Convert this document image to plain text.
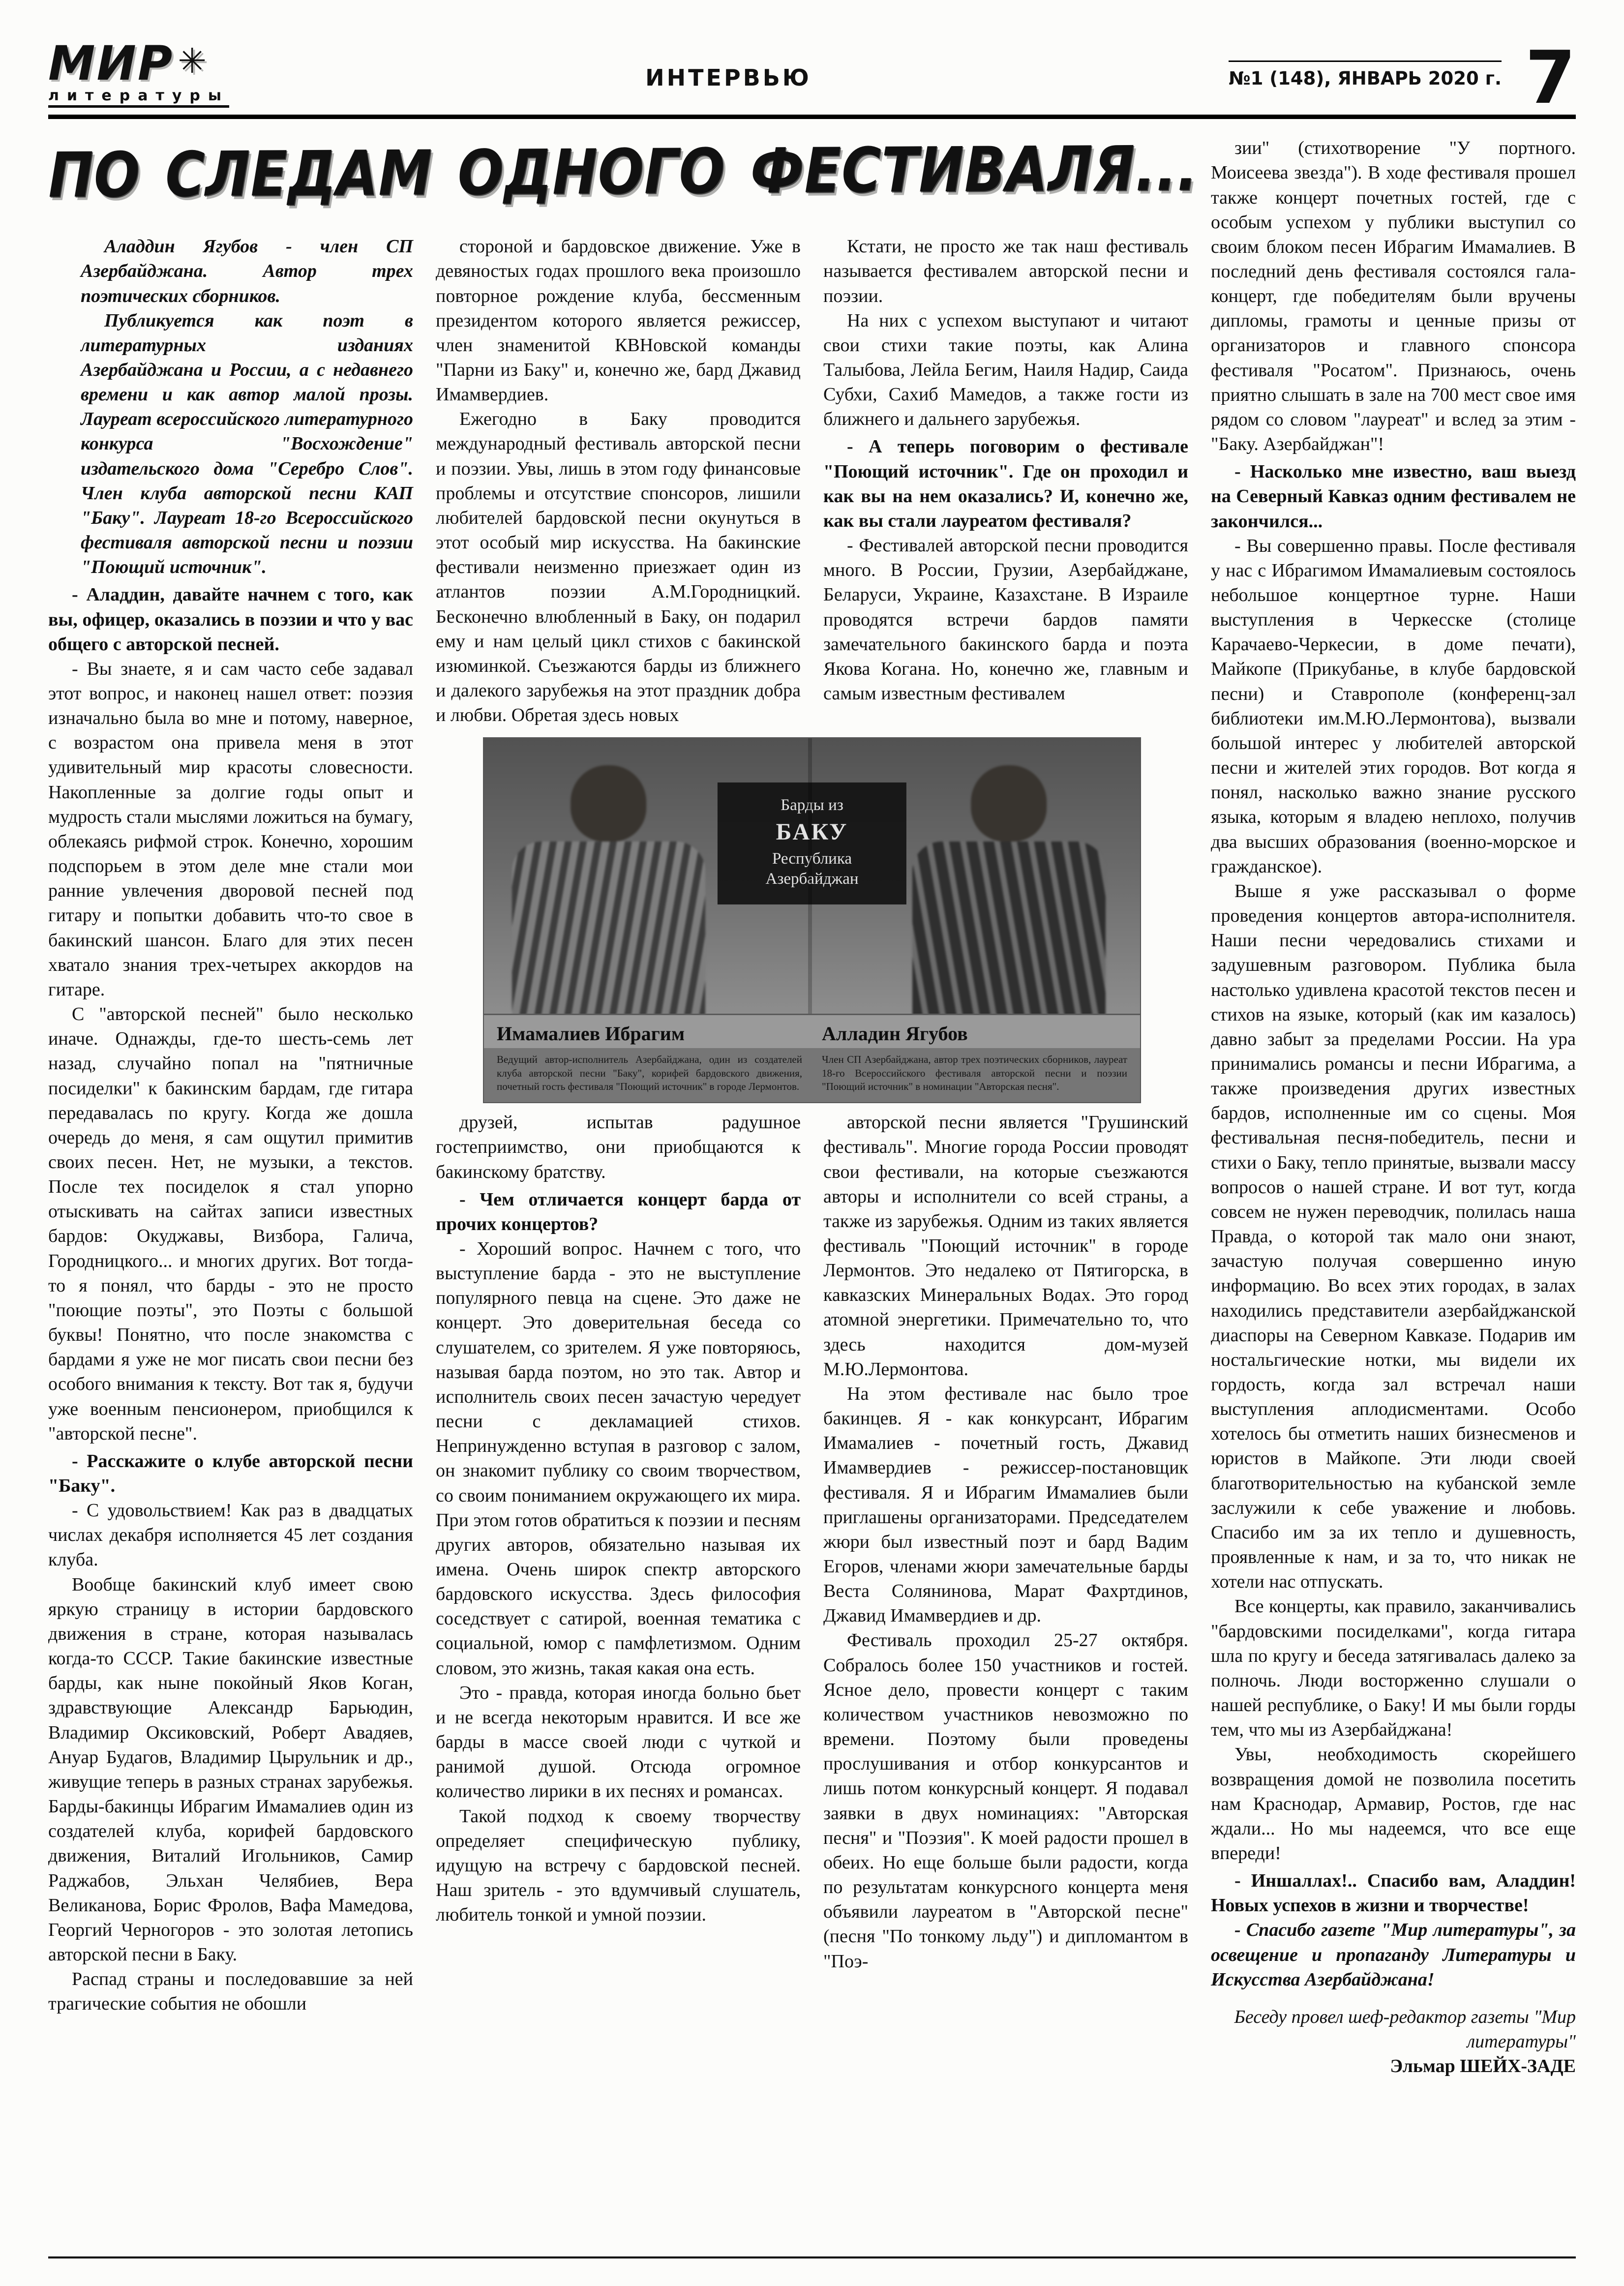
МИР ✳
литературы
ИНТЕРВЬЮ	№1 (148), ЯНВАРЬ 2020 г. 7
ПО СЛЕДАМ ОДНОГО ФЕСТИВАЛЯ...

Аладдин Ягубов - член СП Азербайджана. Автор трех поэтических сборников.

Публикуется как поэт в литературных изданиях Азербайджана и России, а с недавнего времени и как автор малой прозы. Лауреат всероссийского литературного конкурса "Восхождение" издательского дома "Серебро Слов". Член клуба авторской песни КАП "Баку". Лауреат 18-го Всероссийского фестиваля авторской песни и поэзии "Поющий источник".

- Аладдин, давайте начнем с того, как вы, офицер, оказались в поэзии и что у вас общего с авторской песней.

- Вы знаете, я и сам часто себе задавал этот вопрос, и наконец нашел ответ: поэзия изначально была во мне и потому, наверное, с возрастом она привела меня в этот удивительный мир красоты словесности. Накопленные за долгие годы опыт и мудрость стали мыслями ложиться на бумагу, облекаясь рифмой строк. Конечно, хорошим подспорьем в этом деле мне стали мои ранние увлечения дворовой песней под гитару и попытки добавить что-то свое в бакинский шансон. Благо для этих песен хватало знания трех-четырех аккордов на гитаре.

С "авторской песней" было несколько иначе. Однажды, где-то шесть-семь лет назад, случайно попал на "пятничные посиделки" к бакинским бардам, где гитара передавалась по кругу. Когда же дошла очередь до меня, я сам ощутил примитив своих песен. Нет, не музыки, а текстов. После тех посиделок я стал упорно отыскивать на сайтах записи известных бардов: Окуджавы, Визбора, Галича, Городницкого... и многих других. Вот тогда-то я понял, что барды - это не просто "поющие поэты", это Поэты с большой буквы! Понятно, что после знакомства с бардами я уже не мог писать свои песни без особого внимания к тексту. Вот так я, будучи уже военным пенсионером, приобщился к "авторской песне".

- Расскажите о клубе авторской песни "Баку".

- С удовольствием! Как раз в двадцатых числах декабря исполняется 45 лет создания клуба.

Вообще бакинский клуб имеет свою яркую страницу в истории бардовского движения в стране, которая называлась когда-то СССР. Такие бакинские известные барды, как ныне покойный Яков Коган, здравствующие Александр Барьюдин, Владимир Оксиковский, Роберт Авадяев, Ануар Будагов, Владимир Цырульник и др., живущие теперь в разных странах зарубежья. Барды-бакинцы Ибрагим Имамалиев один из создателей клуба, корифей бардовского движения, Виталий Игольников, Самир Раджабов, Эльхан Челябиев, Вера Великанова, Борис Фролов, Вафа Мамедова, Георгий Черногоров - это золотая летопись авторской песни в Баку.

Распад страны и последовавшие за ней трагические события не обошли

стороной и бардовское движение. Уже в девяностых годах прошлого века произошло повторное рождение клуба, бессменным президентом которого является режиссер, член знаменитой КВНовской команды "Парни из Баку" и, конечно же, бард Джавид Имамвердиев.

Ежегодно в Баку проводится международный фестиваль авторской песни и поэзии. Увы, лишь в этом году финансовые проблемы и отсутствие спонсоров, лишили любителей бардовской песни окунуться в этот особый мир искусства. На бакинские фестивали неизменно приезжает один из атлантов поэзии А.М.Городницкий. Бесконечно влюбленный в Баку, он подарил ему и нам целый цикл стихов с бакинской изюминкой. Съезжаются барды из ближнего и далекого зарубежья на этот праздник добра и любви. Обретая здесь новых

Кстати, не просто же так наш фестиваль называется фестивалем авторской песни и поэзии.

На них с успехом выступают и читают свои стихи такие поэты, как Алина Талыбова, Лейла Бегим, Наиля Надир, Саида Субхи, Сахиб Мамедов, а также гости из ближнего и дальнего зарубежья.

- А теперь поговорим о фестивале "Поющий источник". Где он проходил и как вы на нем оказались? И, конечно же, как вы стали лауреатом фестиваля?

- Фестивалей авторской песни проводится много. В России, Грузии, Азербайджане, Беларуси, Украине, Казахстане. В Израиле проводятся встречи бардов памяти замечательного бакинского барда и поэта Якова Когана. Но, конечно же, главным и самым известным фестивалем

Барды из
БАКУ
Республика
Азербайджан
Имамалиев Ибрагим	Алладин Ягубов
Ведущий автор-исполнитель Азербайджана, один из создателей клуба авторской песни "Баку", корифей бардовского движения, почетный гость фестиваля "Поющий источник" в городе Лермонтов.
Член СП Азербайджана, автор трех поэтических сборников, лауреат 18-го Всероссийского фестиваля авторской песни и поэзии "Поющий источник" в номинации "Авторская песня".

друзей, испытав радушное гостеприимство, они приобщаются к бакинскому братству.

- Чем отличается концерт барда от прочих концертов?

- Хороший вопрос. Начнем с того, что выступление барда - это не выступление популярного певца на сцене. Это даже не концерт. Это доверительная беседа со слушателем, со зрителем. Я уже повторяюсь, называя барда поэтом, но это так. Автор и исполнитель своих песен зачастую чередует песни с декламацией стихов. Непринужденно вступая в разговор с залом, он знакомит публику со своим творчеством, со своим пониманием окружающего их мира. При этом готов обратиться к поэзии и песням других авторов, обязательно называя их имена. Очень широк спектр авторского бардовского искусства. Здесь философия соседствует с сатирой, военная тематика с социальной, юмор с памфлетизмом. Одним словом, это жизнь, такая какая она есть.

Это - правда, которая иногда больно бьет и не всегда некоторым нравится. И все же барды в массе своей люди с чуткой и ранимой душой. Отсюда огромное количество лирики в их песнях и романсах.

Такой подход к своему творчеству определяет специфическую публику, идущую на встречу с бардовской песней. Наш зритель - это вдумчивый слушатель, любитель тонкой и умной поэзии.

авторской песни является "Грушинский фестиваль". Многие города России проводят свои фестивали, на которые съезжаются авторы и исполнители со всей страны, а также из зарубежья. Одним из таких является фестиваль "Поющий источник" в городе Лермонтов. Это недалеко от Пятигорска, в кавказских Минеральных Водах. Это город атомной энергетики. Примечательно то, что здесь находится дом-музей М.Ю.Лермонтова.

На этом фестивале нас было трое бакинцев. Я - как конкурсант, Ибрагим Имамалиев - почетный гость, Джавид Имамвердиев - режиссер-постановщик фестиваля. Я и Ибрагим Имамалиев были приглашены организаторами. Председателем жюри был известный поэт и бард Вадим Егоров, членами жюри замечательные барды Веста Солянинова, Марат Фахртдинов, Джавид Имамвердиев и др.

Фестиваль проходил 25-27 октября. Собралось более 150 участников и гостей. Ясное дело, провести концерт с таким количеством участников невозможно по времени. Поэтому были проведены прослушивания и отбор конкурсантов и лишь потом конкурсный концерт. Я подавал заявки в двух номинациях: "Авторская песня" и "Поэзия". К моей радости прошел в обеих. Но еще больше были радости, когда по результатам конкурсного концерта меня объявили лауреатом в "Авторской песне" (песня "По тонкому льду") и дипломантом в "Поэ-

зии" (стихотворение "У портного. Моисеева звезда"). В ходе фестиваля прошел также концерт почетных гостей, где с особым успехом у публики выступил со своим блоком песен Ибрагим Имамалиев. В последний день фестиваля состоялся гала-концерт, где победителям были вручены дипломы, грамоты и ценные призы от организаторов и главного спонсора фестиваля "Росатом". Признаюсь, очень приятно слышать в зале на 700 мест свое имя рядом со словом "лауреат" и вслед за этим - "Баку. Азербайджан"!

- Насколько мне известно, ваш выезд на Северный Кавказ одним фестивалем не закончился...

- Вы совершенно правы. После фестиваля у нас с Ибрагимом Имамалиевым состоялось небольшое концертное турне. Наши выступления в Черкесске (столице Карачаево-Черкесии, в доме печати), Майкопе (Прикубанье, в клубе бардовской песни) и Ставрополе (конференц-зал библиотеки им.М.Ю.Лермонтова), вызвали большой интерес у любителей авторской песни и жителей этих городов. Вот когда я понял, насколько важно знание русского языка, которым я владею неплохо, получив два высших образования (военно-морское и гражданское).

Выше я уже рассказывал о форме проведения концертов автора-исполнителя. Наши песни чередовались стихами и задушевным разговором. Публика была настолько удивлена красотой текстов песен и стихов на языке, который (как им казалось) давно забыт за пределами России. На ура принимались романсы и песни Ибрагима, а также произведения других известных бардов, исполненные им со сцены. Моя фестивальная песня-победитель, песни и стихи о Баку, тепло принятые, вызвали массу вопросов о нашей стране. И вот тут, когда совсем не нужен переводчик, полилась наша Правда, о которой так мало они знают, зачастую получая совершенно иную информацию. Во всех этих городах, в залах находились представители азербайджанской диаспоры на Северном Кавказе. Подарив им ностальгические нотки, мы видели их гордость, когда зал встречал наши выступления аплодисментами. Особо хотелось бы отметить наших бизнесменов и юристов в Майкопе. Эти люди своей благотворительностью на кубанской земле заслужили к себе уважение и любовь. Спасибо им за их тепло и душевность, проявленные к нам, и за то, что никак не хотели нас отпускать.

Все концерты, как правило, заканчивались "бардовскими посиделками", когда гитара шла по кругу и беседа затягивалась далеко за полночь. Люди восторженно слушали о нашей республике, о Баку! И мы были горды тем, что мы из Азербайджана!

Увы, необходимость скорейшего возвращения домой не позволила посетить нам Краснодар, Армавир, Ростов, где нас ждали... Но мы надеемся, что все еще впереди!

- Иншаллах!.. Спасибо вам, Аладдин! Новых успехов в жизни и творчестве!

- Спасибо газете "Мир литературы", за освещение и пропаганду Литературы и Искусства Азербайджана!

Беседу провел шеф-редактор газеты "Мир литературы"

Эльмар ШЕЙХ-ЗАДЕ
